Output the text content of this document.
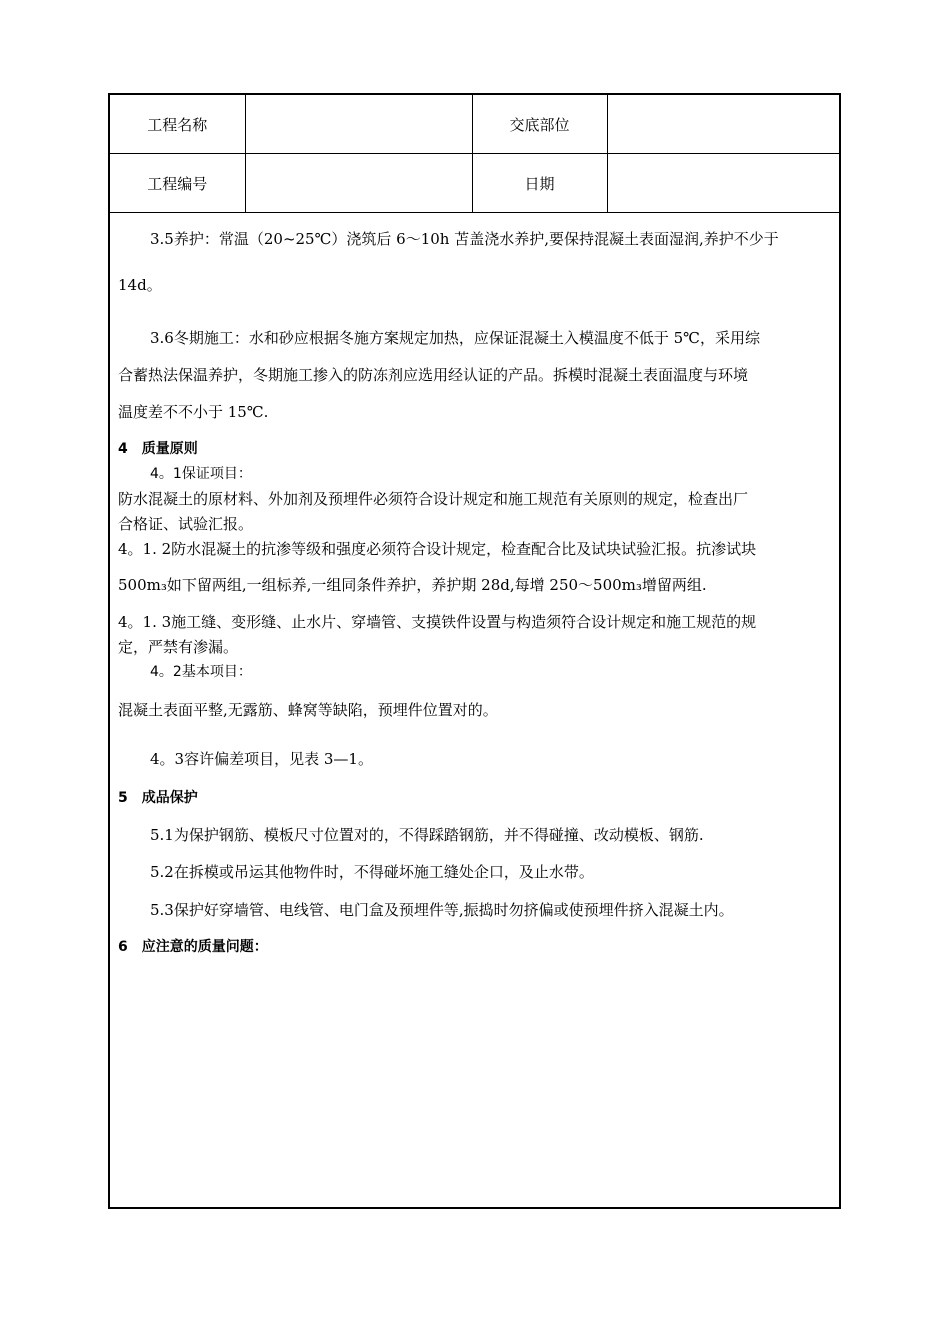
工程名称		交底部位	
工程编号		日期	
3.5养护：常温（20~25℃）浇筑后 6～10h 苫盖浇水养护,要保持混凝土表面湿润,养护不少于
14d。
3.6冬期施工：水和砂应根据冬施方案规定加热，应保证混凝土入模温度不低于 5℃，采用综
合蓄热法保温养护，冬期施工掺入的防冻剂应选用经认证的产品。拆模时混凝土表面温度与环境
温度差不不小于 15℃.
4　质量原则
4。1保证项目：
防水混凝土的原材料、外加剂及预埋件必须符合设计规定和施工规范有关原则的规定，检查出厂
合格证、试验汇报。
4。1. 2防水混凝土的抗渗等级和强度必须符合设计规定，检查配合比及试块试验汇报。抗渗试块
500m₃如下留两组,一组标养,一组同条件养护，养护期 28d,每增 250～500m₃增留两组.
4。1. 3施工缝、变形缝、止水片、穿墙管、支摸铁件设置与构造须符合设计规定和施工规范的规
定，严禁有渗漏。
4。2基本项目：
混凝土表面平整,无露筋、蜂窝等缺陷，预埋件位置对的。
4。3容许偏差项目，见表 3—1。
5　成品保护
5.1为保护钢筋、模板尺寸位置对的，不得踩踏钢筋，并不得碰撞、改动模板、钢筋.
5.2在拆模或吊运其他物件时，不得碰坏施工缝处企口，及止水带。
5.3保护好穿墙管、电线管、电门盒及预埋件等,振捣时勿挤偏或使预埋件挤入混凝土内。
6　应注意的质量问题：
